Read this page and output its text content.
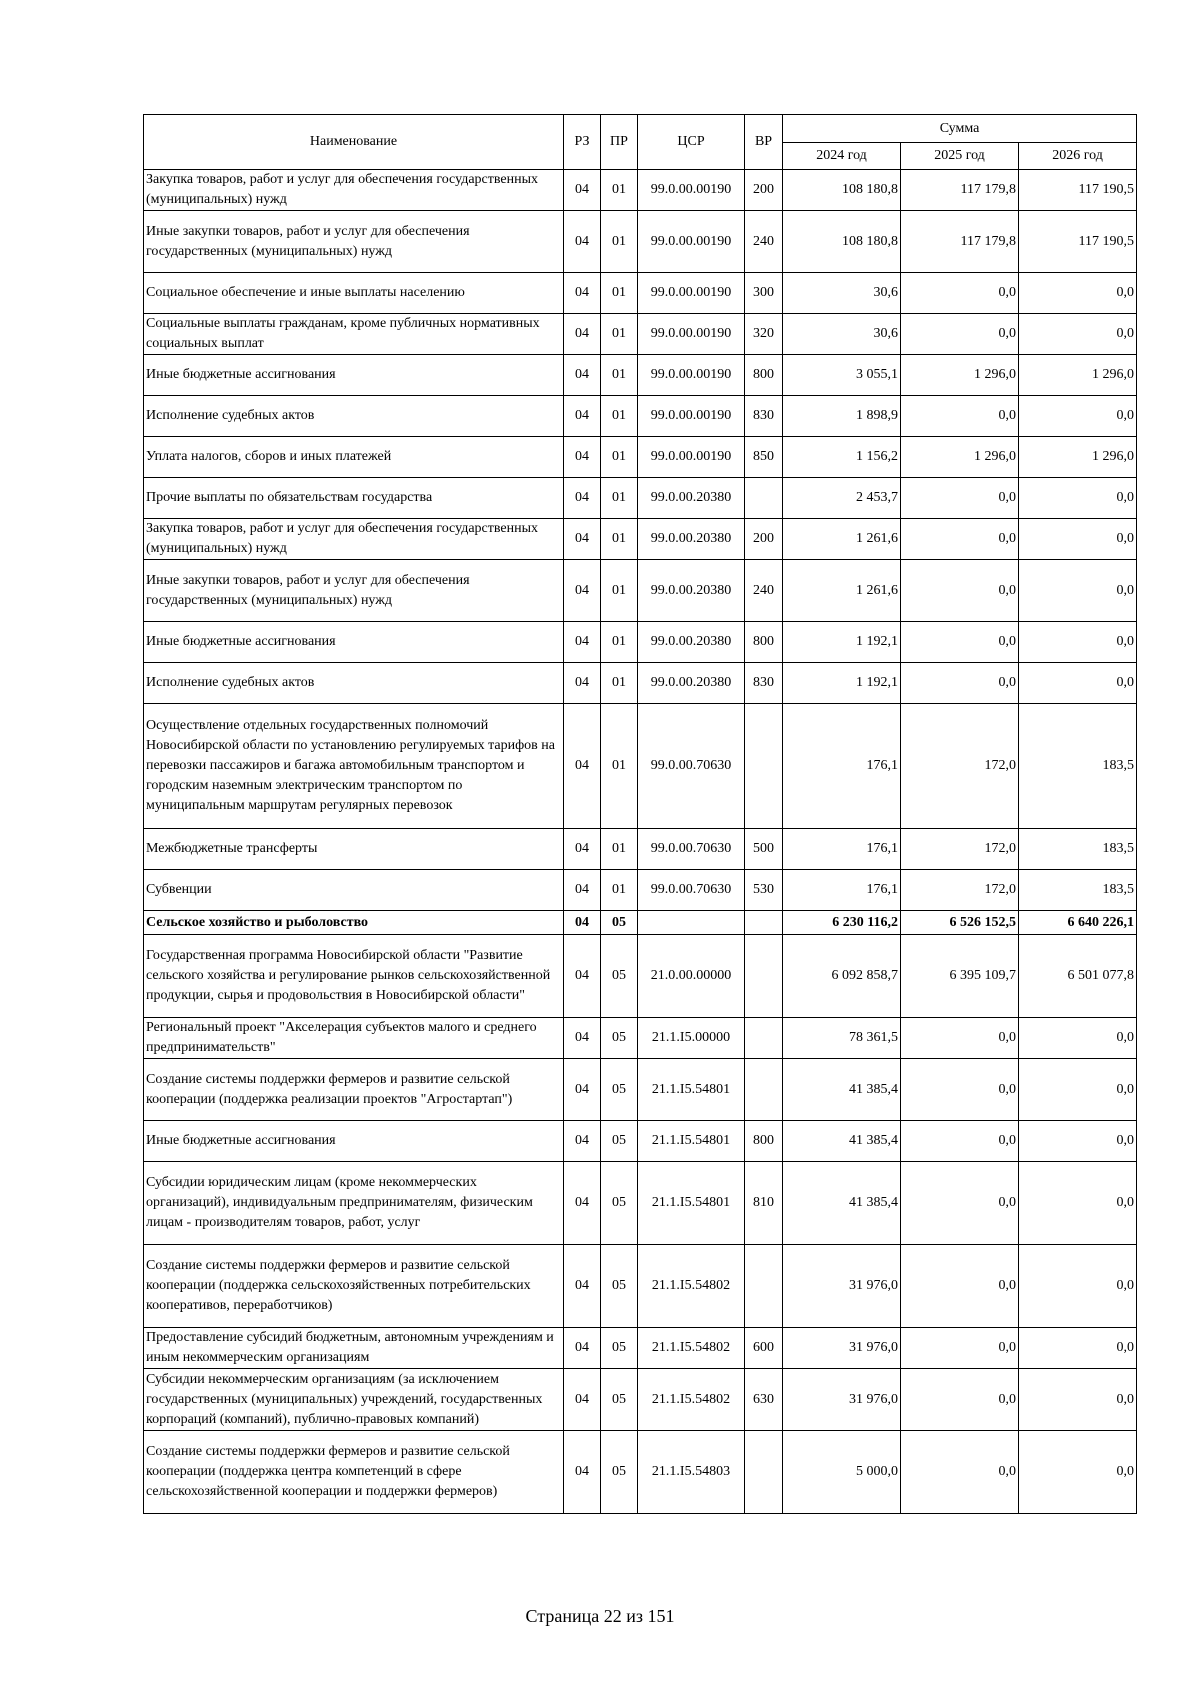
Наименование	РЗ	ПР	ЦСР	ВР	Сумма		
					2024 год	2025 год	2026 год
Закупка товаров, работ и услуг для обеспечения государственных (муниципальных) нужд	04	01	99.0.00.00190	200	108 180,8	117 179,8	117 190,5
Иные закупки товаров, работ и услуг для обеспечения государственных (муниципальных) нужд	04	01	99.0.00.00190	240	108 180,8	117 179,8	117 190,5
Социальное обеспечение и иные выплаты населению	04	01	99.0.00.00190	300	30,6	0,0	0,0
Социальные выплаты гражданам, кроме публичных нормативных социальных выплат	04	01	99.0.00.00190	320	30,6	0,0	0,0
Иные бюджетные ассигнования	04	01	99.0.00.00190	800	3 055,1	1 296,0	1 296,0
Исполнение судебных актов	04	01	99.0.00.00190	830	1 898,9	0,0	0,0
Уплата налогов, сборов и иных платежей	04	01	99.0.00.00190	850	1 156,2	1 296,0	1 296,0
Прочие выплаты по обязательствам государства	04	01	99.0.00.20380		2 453,7	0,0	0,0
Закупка товаров, работ и услуг для обеспечения государственных (муниципальных) нужд	04	01	99.0.00.20380	200	1 261,6	0,0	0,0
Иные закупки товаров, работ и услуг для обеспечения государственных (муниципальных) нужд	04	01	99.0.00.20380	240	1 261,6	0,0	0,0
Иные бюджетные ассигнования	04	01	99.0.00.20380	800	1 192,1	0,0	0,0
Исполнение судебных актов	04	01	99.0.00.20380	830	1 192,1	0,0	0,0
Осуществление отдельных государственных полномочий Новосибирской области по установлению регулируемых тарифов на перевозки пассажиров и багажа автомобильным транспортом и городским наземным электрическим транспортом по муниципальным маршрутам регулярных перевозок	04	01	99.0.00.70630		176,1	172,0	183,5
Межбюджетные трансферты	04	01	99.0.00.70630	500	176,1	172,0	183,5
Субвенции	04	01	99.0.00.70630	530	176,1	172,0	183,5
Сельское хозяйство и рыболовство	04	05			6 230 116,2	6 526 152,5	6 640 226,1
Государственная программа Новосибирской области "Развитие сельского хозяйства и регулирование рынков сельскохозяйственной продукции, сырья и продовольствия в Новосибирской области"	04	05	21.0.00.00000		6 092 858,7	6 395 109,7	6 501 077,8
Региональный проект "Акселерация субъектов малого и среднего предпринимательств"	04	05	21.1.I5.00000		78 361,5	0,0	0,0
Создание системы поддержки фермеров и развитие сельской кооперации (поддержка реализации проектов "Агростартап")	04	05	21.1.I5.54801		41 385,4	0,0	0,0
Иные бюджетные ассигнования	04	05	21.1.I5.54801	800	41 385,4	0,0	0,0
Субсидии юридическим лицам (кроме некоммерческих организаций), индивидуальным предпринимателям, физическим лицам - производителям товаров, работ, услуг	04	05	21.1.I5.54801	810	41 385,4	0,0	0,0
Создание системы поддержки фермеров и развитие сельской кооперации (поддержка сельскохозяйственных потребительских кооперативов, переработчиков)	04	05	21.1.I5.54802		31 976,0	0,0	0,0
Предоставление субсидий бюджетным, автономным учреждениям и иным некоммерческим организациям	04	05	21.1.I5.54802	600	31 976,0	0,0	0,0
Субсидии некоммерческим организациям (за исключением государственных (муниципальных) учреждений, государственных корпораций (компаний), публично-правовых компаний)	04	05	21.1.I5.54802	630	31 976,0	0,0	0,0
Создание системы поддержки фермеров и развитие сельской кооперации (поддержка центра компетенций в сфере сельскохозяйственной кооперации и поддержки фермеров)	04	05	21.1.I5.54803		5 000,0	0,0	0,0
Страница 22 из 151
